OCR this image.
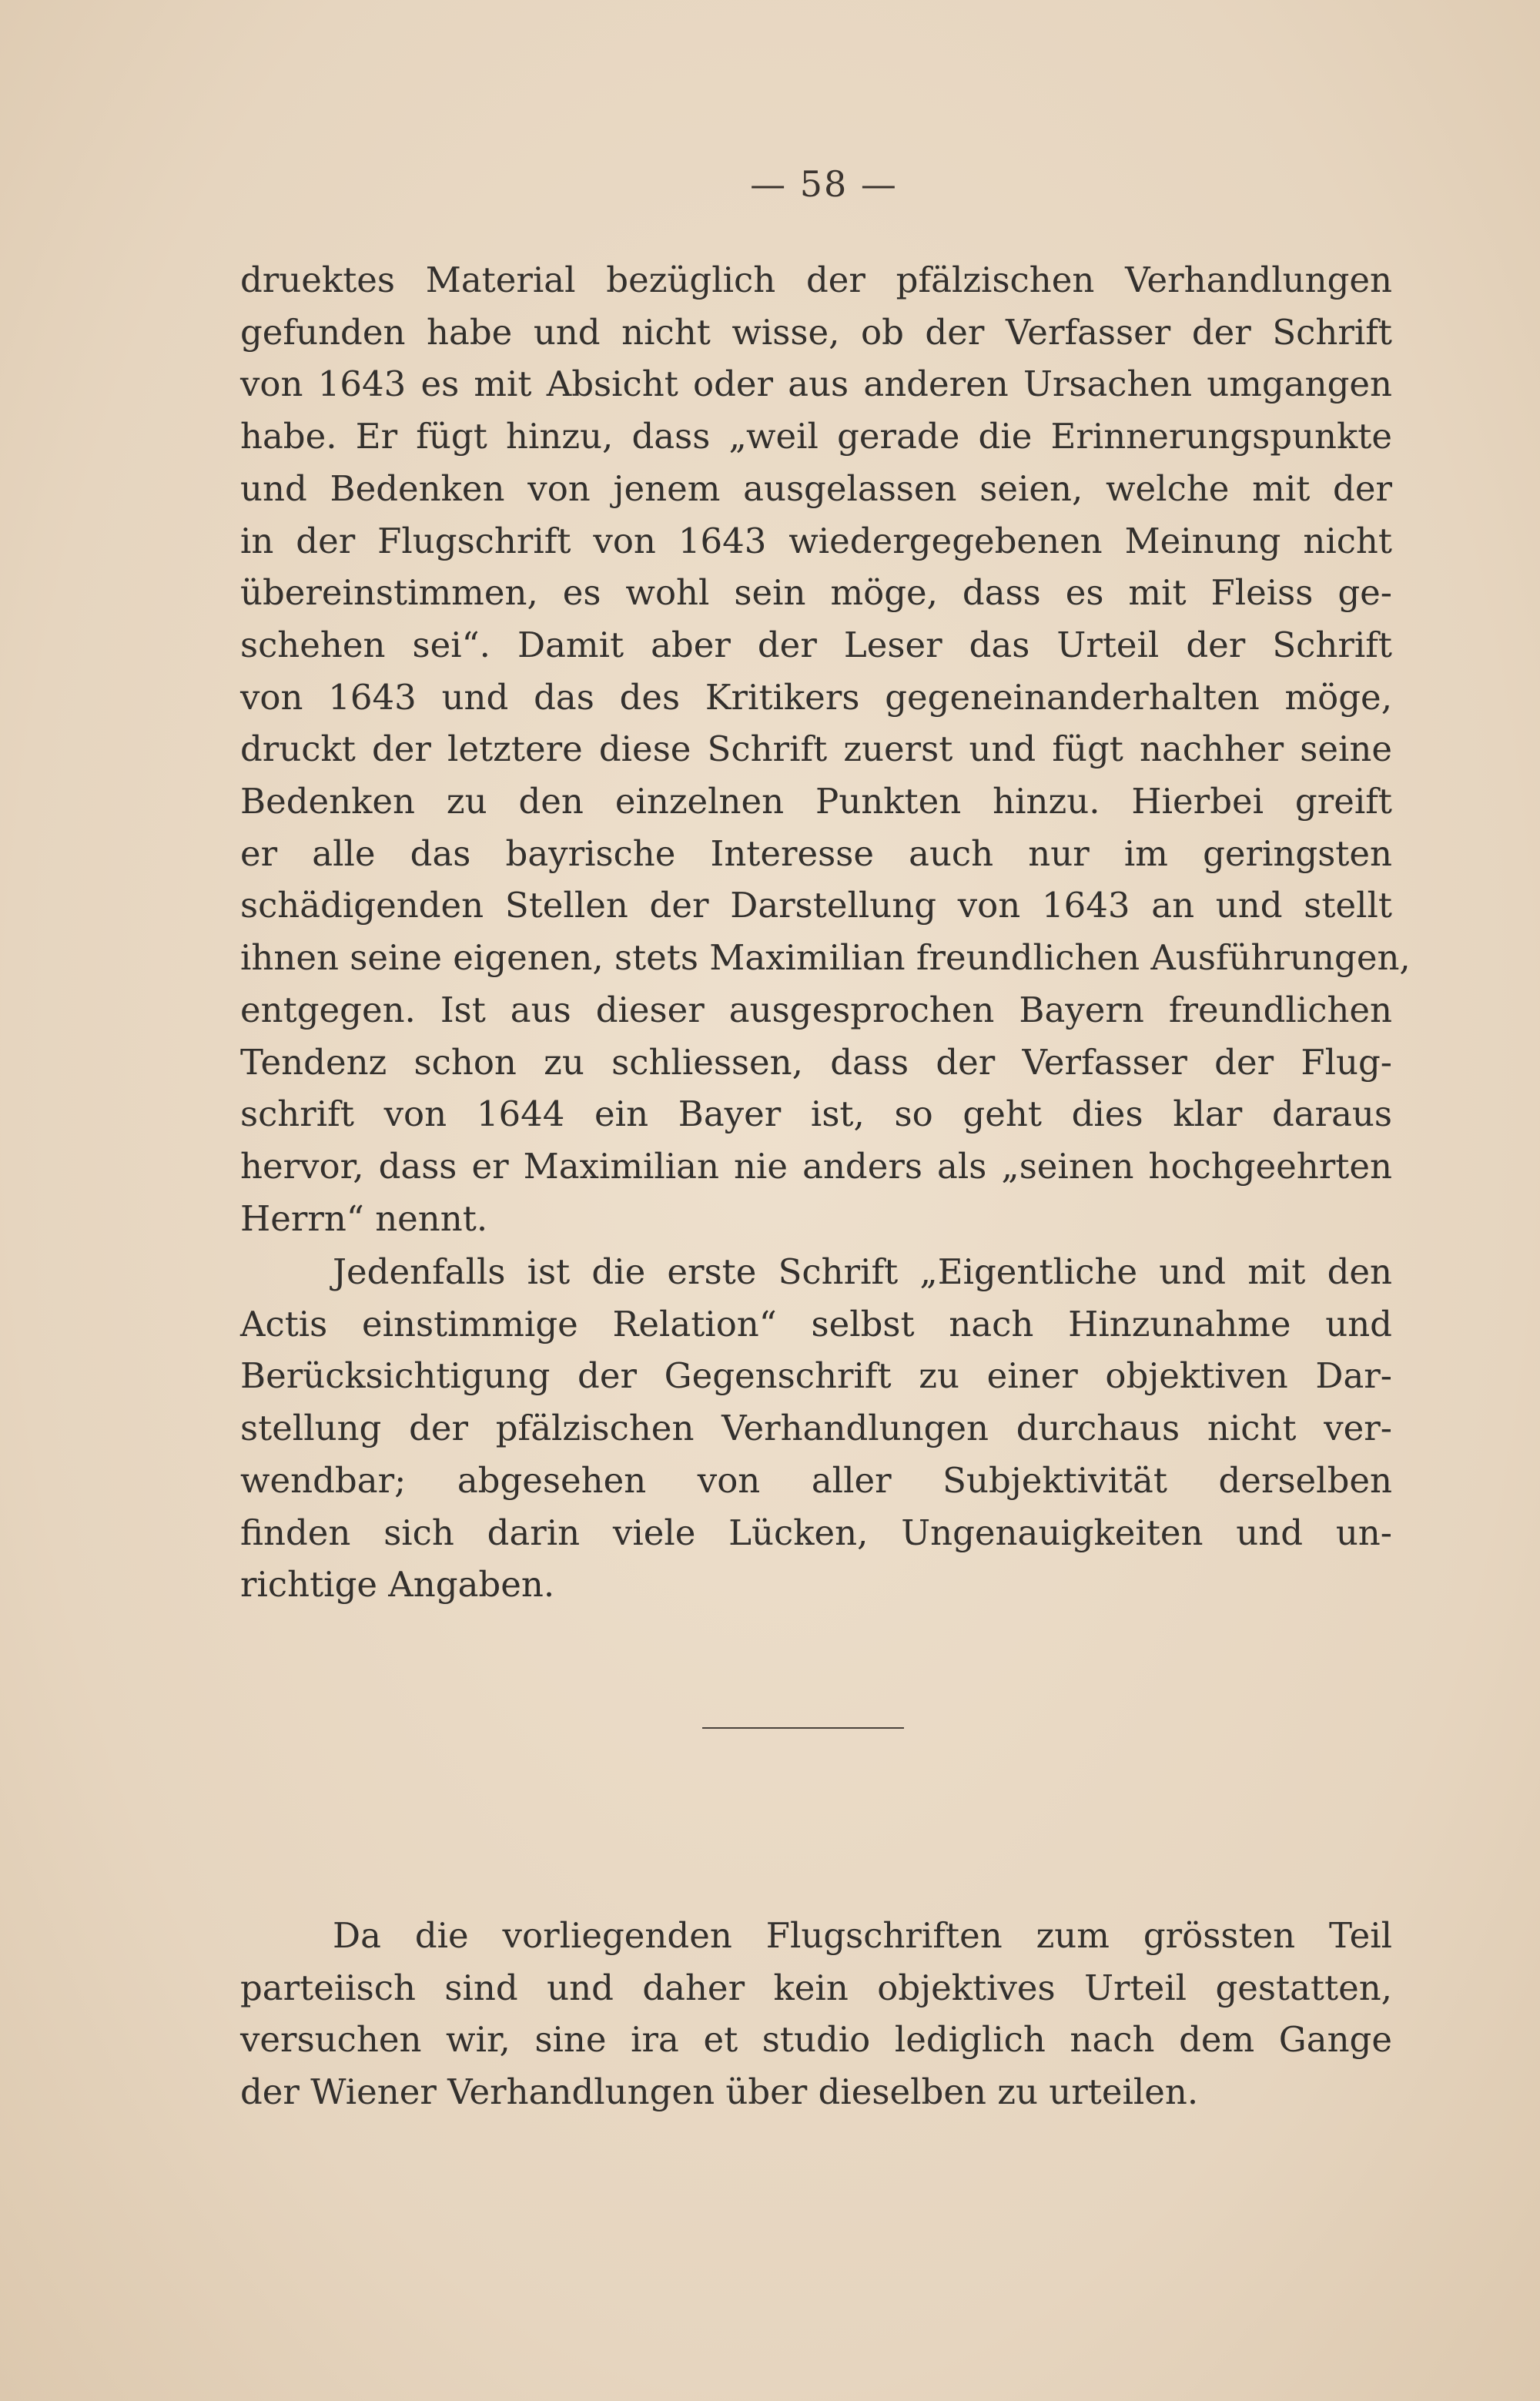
— 58 —
druektes Material bezüglich der pfälzischen Verhandlungen
gefunden habe und nicht wisse, ob der Verfasser der Schrift
von 1643 es mit Absicht oder aus anderen Ursachen umgangen
habe. Er fügt hinzu, dass „weil gerade die Erinnerungspunkte
und Bedenken von jenem ausgelassen seien, welche mit der
in der Flugschrift von 1643 wiedergegebenen Meinung nicht
übereinstimmen, es wohl sein möge, dass es mit Fleiss ge-
schehen sei“. Damit aber der Leser das Urteil der Schrift
von 1643 und das des Kritikers gegeneinanderhalten möge,
druckt der letztere diese Schrift zuerst und fügt nachher seine
Bedenken zu den einzelnen Punkten hinzu. Hierbei greift
er alle das bayrische Interesse auch nur im geringsten
schädigenden Stellen der Darstellung von 1643 an und stellt
ihnen seine eigenen, stets Maximilian freundlichen Ausführungen,
entgegen. Ist aus dieser ausgesprochen Bayern freundlichen
Tendenz schon zu schliessen, dass der Verfasser der Flug-
schrift von 1644 ein Bayer ist, so geht dies klar daraus
hervor, dass er Maximilian nie anders als „seinen hochgeehrten
Herrn“ nennt.
Jedenfalls ist die erste Schrift „Eigentliche und mit den
Actis einstimmige Relation“ selbst nach Hinzunahme und
Berücksichtigung der Gegenschrift zu einer objektiven Dar-
stellung der pfälzischen Verhandlungen durchaus nicht ver-
wendbar; abgesehen von aller Subjektivität derselben
finden sich darin viele Lücken, Ungenauigkeiten und un-
richtige Angaben.
Da die vorliegenden Flugschriften zum grössten Teil
parteiisch sind und daher kein objektives Urteil gestatten,
versuchen wir, sine ira et studio lediglich nach dem Gange
der Wiener Verhandlungen über dieselben zu urteilen.
